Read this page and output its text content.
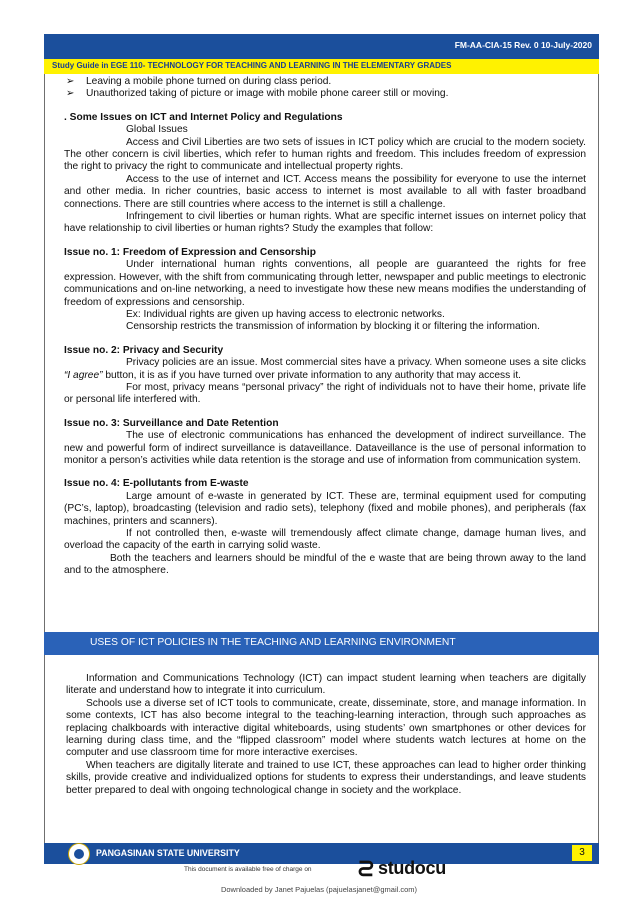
FM-AA-CIA-15 Rev. 0 10-July-2020
Study Guide in EGE 110- TECHNOLOGY FOR TEACHING AND LEARNING IN THE ELEMENTARY GRADES

➢ Leaving a mobile phone turned on during class period.

➢ Unauthorized taking of picture or image with mobile phone career still or moving.

. Some Issues on ICT and Internet Policy and Regulations

Global Issues

Access and Civil Liberties are two sets of issues in ICT policy which are crucial to the modern society. The other concern is civil liberties, which refer to human rights and freedom. This includes freedom of expression the right to privacy the right to communicate and intellectual property rights.

Access to the use of internet and ICT. Access means the possibility for everyone to use the internet and other media. In richer countries, basic access to internet is most available to all with faster broadband connections. There are still countries where access to the internet is still a challenge.

Infringement to civil liberties or human rights. What are specific internet issues on internet policy that have relationship to civil liberties or human rights? Study the examples that follow:

Issue no. 1: Freedom of Expression and Censorship

Under international human rights conventions, all people are guaranteed the rights for free expression. However, with the shift from communicating through letter, newspaper and public meetings to electronic communications and on-line networking, a need to investigate how these new means modifies the understanding of freedom of expressions and censorship.

Ex: Individual rights are given up having access to electronic networks.

Censorship restricts the transmission of information by blocking it or filtering the information.

Issue no. 2: Privacy and Security

Privacy policies are an issue. Most commercial sites have a privacy. When someone uses a site clicks “I agree” button, it is as if you have turned over private information to any authority that may access it.

For most, privacy means “personal privacy” the right of individuals not to have their home, private life or personal life interfered with.

Issue no. 3: Surveillance and Date Retention

The use of electronic communications has enhanced the development of indirect surveillance. The new and powerful form of indirect surveillance is dataveillance. Dataveillance is the use of personal information to monitor a person’s activities while data retention is the storage and use of information from communication system.

Issue no. 4: E-pollutants from E-waste

Large amount of e-waste in generated by ICT. These are, terminal equipment used for computing (PC’s, laptop), broadcasting (television and radio sets), telephony (fixed and mobile phones), and peripherals (fax machines, printers and scanners).

If not controlled then, e-waste will tremendously affect climate change, damage human lives, and overload the capacity of the earth in carrying solid waste.

Both the teachers and learners should be mindful of the e waste that are being thrown away to the land and to the atmosphere.

USES OF ICT POLICIES IN THE TEACHING AND LEARNING ENVIRONMENT

Information and Communications Technology (ICT) can impact student learning when teachers are digitally literate and understand how to integrate it into curriculum.

Schools use a diverse set of ICT tools to communicate, create, disseminate, store, and manage information. In some contexts, ICT has also become integral to the teaching-learning interaction, through such approaches as replacing chalkboards with interactive digital whiteboards, using students’ own smartphones or other devices for learning during class time, and the “flipped classroom” model where students watch lectures at home on the computer and use classroom time for more interactive exercises.

When teachers are digitally literate and trained to use ICT, these approaches can lead to higher order thinking skills, provide creative and individualized options for students to express their understandings, and leave students better prepared to deal with ongoing technological change in society and the workplace.

PANGASINAN STATE UNIVERSITY	3
This document is available free of charge on	studocu
Downloaded by Janet Pajuelas (pajuelasjanet@gmail.com)
